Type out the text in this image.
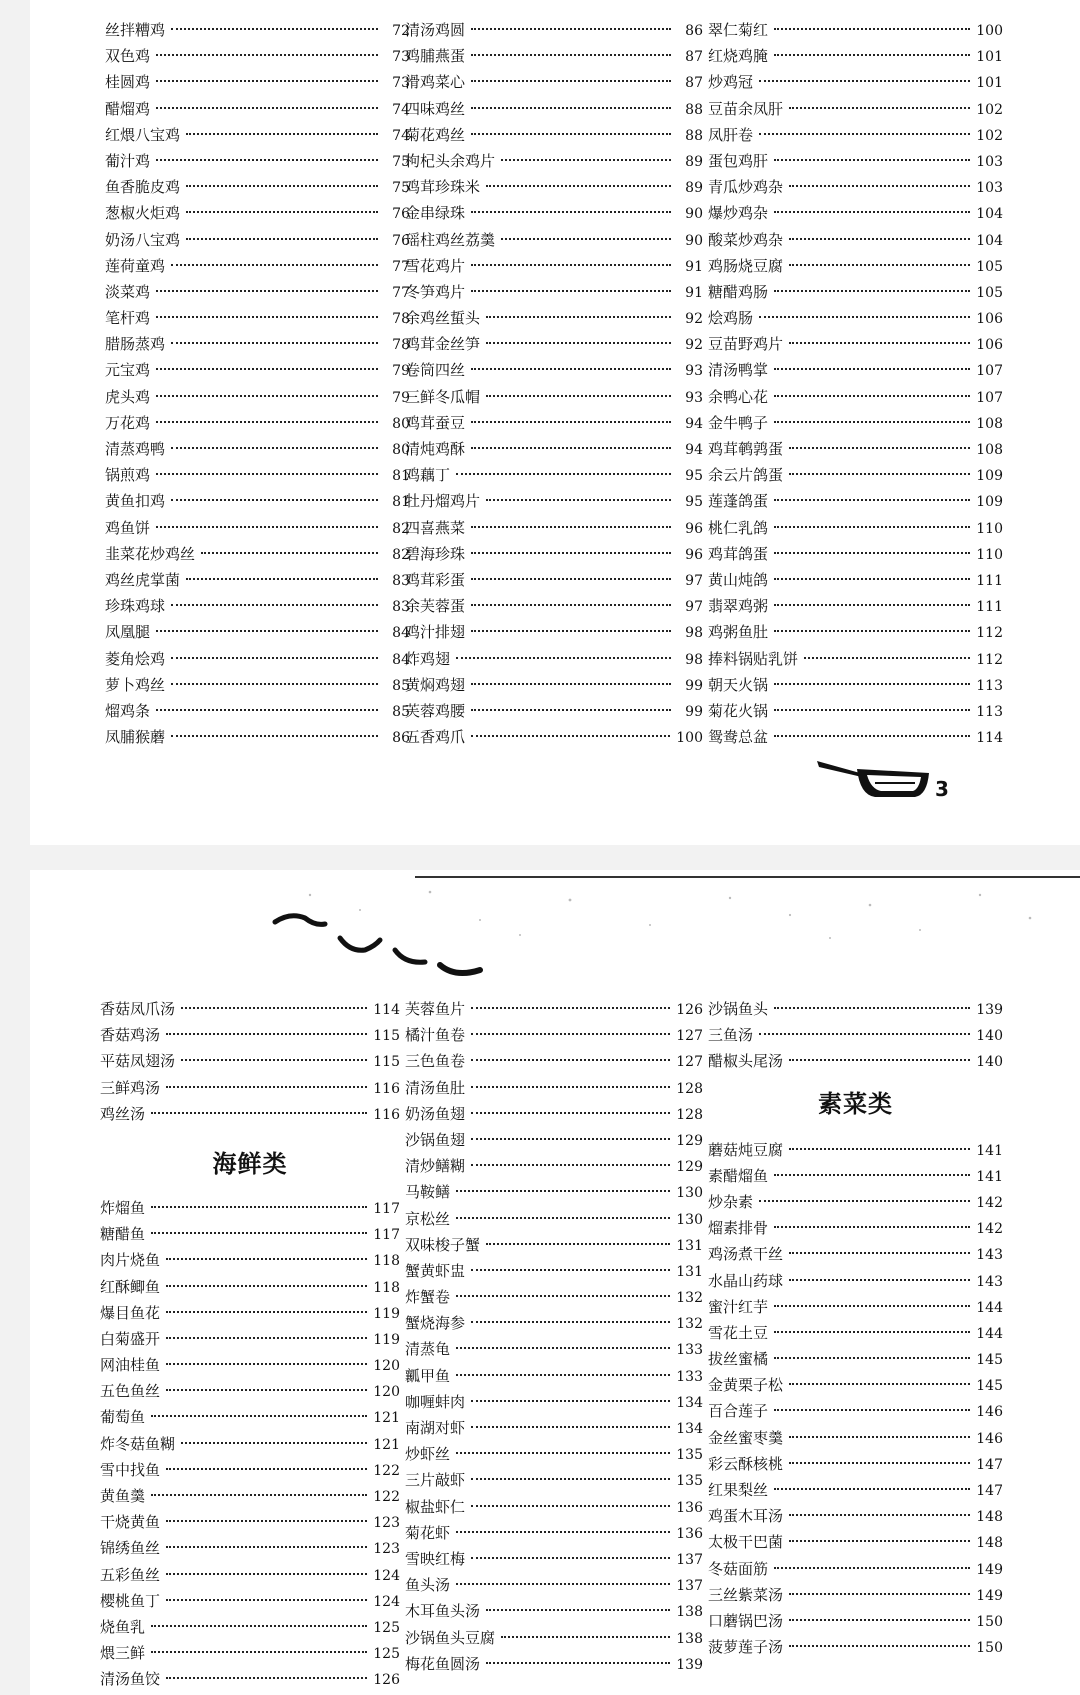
丝拌糟鸡	72
双色鸡	73
桂圆鸡	73
醋熘鸡	74
红煨八宝鸡	74
葡汁鸡	75
鱼香脆皮鸡	75
葱椒火炬鸡	76
奶汤八宝鸡	76
莲荷童鸡	77
淡菜鸡	77
笔杆鸡	78
腊肠蒸鸡	78
元宝鸡	79
虎头鸡	79
万花鸡	80
清蒸鸡鸭	80
锅煎鸡	81
黄鱼扣鸡	81
鸡鱼饼	82
韭菜花炒鸡丝	82
鸡丝虎掌菌	83
珍珠鸡球	83
凤凰腿	84
菱角烩鸡	84
萝卜鸡丝	85
熘鸡条	85
凤脯猴蘑	86
清汤鸡圆	86
鸡脯燕蛋	87
滑鸡菜心	87
四味鸡丝	88
菊花鸡丝	88
枸杞头余鸡片	89
鸡茸珍珠米	89
金串绿珠	90
瑶柱鸡丝荔羹	90
雪花鸡片	91
冬笋鸡片	91
余鸡丝蜇头	92
鸡茸金丝笋	92
卷筒四丝	93
三鲜冬瓜帽	93
鸡茸蚕豆	94
清炖鸡酥	94
鸡藕丁	95
牡丹熘鸡片	95
四喜燕菜	96
碧海珍珠	96
鸡茸彩蛋	97
余芙蓉蛋	97
鸡汁排翅	98
炸鸡翅	98
黄焖鸡翅	99
芙蓉鸡腰	99
五香鸡爪	100
翠仁菊红	100
红烧鸡腌	101
炒鸡冠	101
豆苗余凤肝	102
凤肝卷	102
蛋包鸡肝	103
青瓜炒鸡杂	103
爆炒鸡杂	104
酸菜炒鸡杂	104
鸡肠烧豆腐	105
糖醋鸡肠	105
烩鸡肠	106
豆苗野鸡片	106
清汤鸭掌	107
余鸭心花	107
金牛鸭子	108
鸡茸鹌鹑蛋	108
余云片鸽蛋	109
莲蓬鸽蛋	109
桃仁乳鸽	110
鸡茸鸽蛋	110
黄山炖鸽	111
翡翠鸡粥	111
鸡粥鱼肚	112
捧料锅贴乳饼	112
朝天火锅	113
菊花火锅	113
鸳鸯总盆	114
3
香菇凤爪汤	114
香菇鸡汤	115
平菇凤翅汤	115
三鲜鸡汤	116
鸡丝汤	116
海鲜类
炸熘鱼	117
糖醋鱼	117
肉片烧鱼	118
红酥鲫鱼	118
爆目鱼花	119
白菊盛开	119
网油桂鱼	120
五色鱼丝	120
葡萄鱼	121
炸冬菇鱼糊	121
雪中找鱼	122
黄鱼羹	122
干烧黄鱼	123
锦绣鱼丝	123
五彩鱼丝	124
樱桃鱼丁	124
烧鱼乳	125
煨三鲜	125
清汤鱼饺	126
芙蓉鱼片	126
橘汁鱼卷	127
三色鱼卷	127
清汤鱼肚	128
奶汤鱼翅	128
沙锅鱼翅	129
清炒鳝糊	129
马鞍鳝	130
京松丝	130
双味梭子蟹	131
蟹黄虾盅	131
炸蟹卷	132
蟹烧海参	132
清蒸龟	133
瓤甲鱼	133
咖喱蚌肉	134
南湖对虾	134
炒虾丝	135
三片敲虾	135
椒盐虾仁	136
菊花虾	136
雪映红梅	137
鱼头汤	137
木耳鱼头汤	138
沙锅鱼头豆腐	138
梅花鱼圆汤	139
沙锅鱼头	139
三鱼汤	140
醋椒头尾汤	140
素菜类
蘑菇炖豆腐	141
素醋熘鱼	141
炒杂素	142
熘素排骨	142
鸡汤煮干丝	143
水晶山药球	143
蜜汁红芋	144
雪花土豆	144
拔丝蜜橘	145
金黄栗子松	145
百合莲子	146
金丝蜜枣羹	146
彩云酥核桃	147
红果梨丝	147
鸡蛋木耳汤	148
太极干巴菌	148
冬菇面筋	149
三丝紫菜汤	149
口蘑锅巴汤	150
菠萝莲子汤	150
